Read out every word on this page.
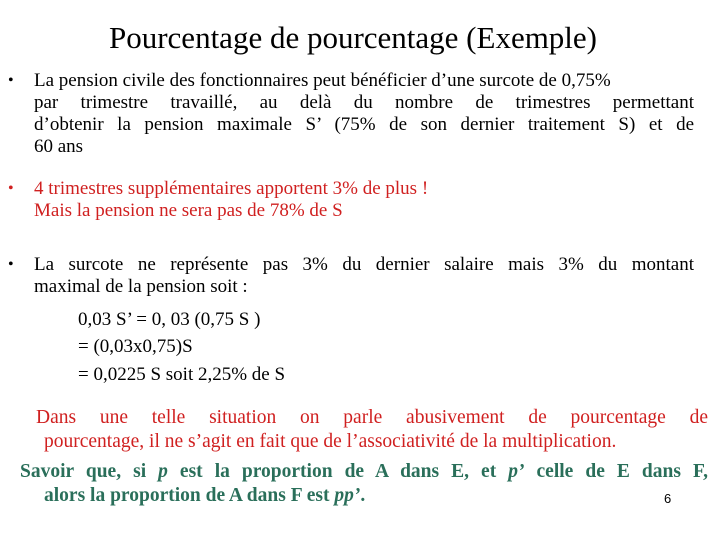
Pourcentage de pourcentage (Exemple)
• La pension civile des fonctionnaires peut bénéficier d’une surcote de 0,75%
par trimestre travaillé, au delà du nombre de trimestres permettant
d’obtenir la pension maximale S’ (75% de son dernier traitement S) et de
60 ans
• 4 trimestres supplémentaires apportent 3% de plus !
Mais la pension ne sera pas de 78% de S
• La surcote ne représente pas 3% du dernier salaire mais 3% du montant
maximal de la pension soit :
0,03 S’ = 0, 03 (0,75 S )
= (0,03x0,75)S
= 0,0225 S soit 2,25% de S
Dans une telle situation on parle abusivement de pourcentage de
pourcentage, il ne s’agit en fait que de l’associativité de la multiplication.
Savoir que, si p est la proportion de A dans E, et p’ celle de E dans F,
alors la proportion de A dans F est pp’.	6
